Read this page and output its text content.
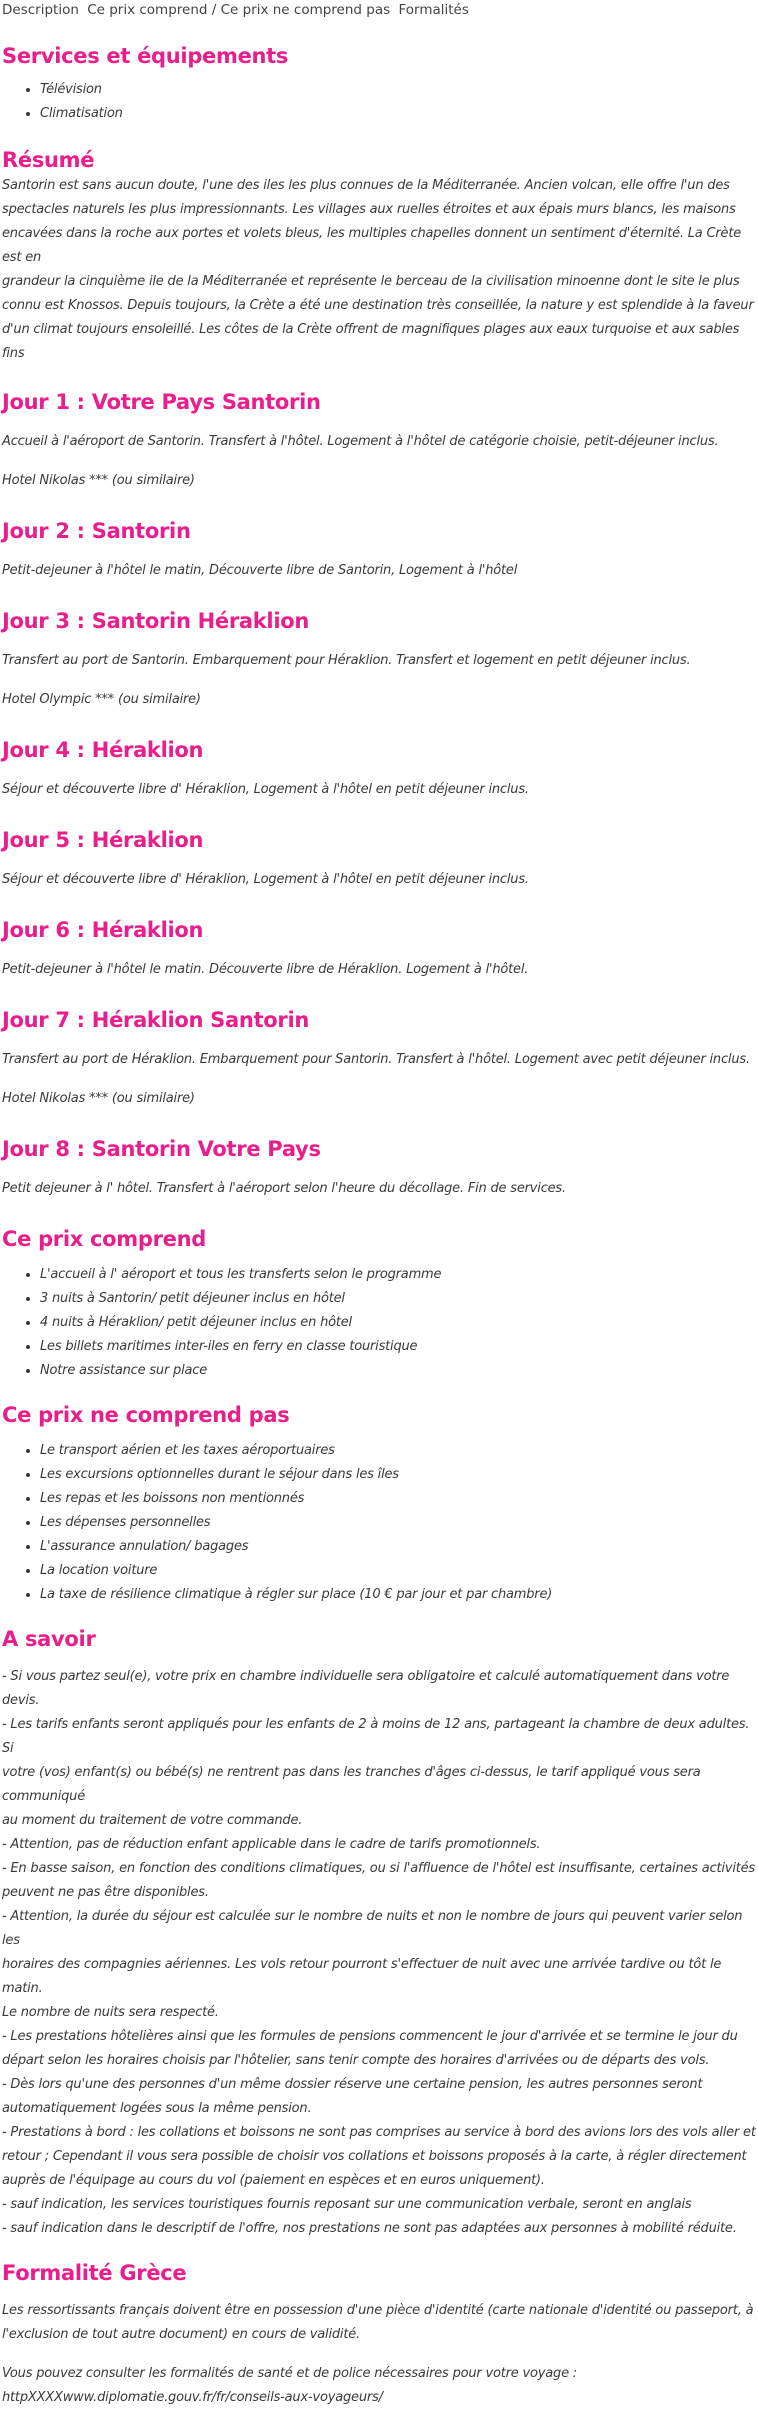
Description Ce prix comprend / Ce prix ne comprend pas Formalités
Services et équipements
• Télévision
• Climatisation
Résumé

Santorin est sans aucun doute, l'une des iles les plus connues de la Méditerranée. Ancien volcan, elle offre l'un des

spectacles naturels les plus impressionnants. Les villages aux ruelles étroites et aux épais murs blancs, les maisons

encavées dans la roche aux portes et volets bleus, les multiples chapelles donnent un sentiment d'éternité. La Crète est en

grandeur la cinquième ile de la Méditerranée et représente le berceau de la civilisation minoenne dont le site le plus

connu est Knossos. Depuis toujours, la Crète a été une destination très conseillée, la nature y est splendide à la faveur

d'un climat toujours ensoleillé. Les côtes de la Crète offrent de magnifiques plages aux eaux turquoise et aux sables fins

Jour 1 : Votre Pays Santorin

Accueil à l'aéroport de Santorin. Transfert à l'hôtel. Logement à l'hôtel de catégorie choisie, petit-déjeuner inclus.

Hotel Nikolas *** (ou similaire)

Jour 2 : Santorin

Petit-dejeuner à l'hôtel le matin, Découverte libre de Santorin, Logement à l'hôtel

Jour 3 : Santorin Héraklion

Transfert au port de Santorin. Embarquement pour Héraklion. Transfert et logement en petit déjeuner inclus.

Hotel Olympic *** (ou similaire)

Jour 4 : Héraklion

Séjour et découverte libre d' Héraklion, Logement à l'hôtel en petit déjeuner inclus.

Jour 5 : Héraklion

Séjour et découverte libre d' Héraklion, Logement à l'hôtel en petit déjeuner inclus.

Jour 6 : Héraklion

Petit-dejeuner à l'hôtel le matin. Découverte libre de Héraklion. Logement à l'hôtel.

Jour 7 : Héraklion Santorin

Transfert au port de Héraklion. Embarquement pour Santorin. Transfert à l'hôtel. Logement avec petit déjeuner inclus.

Hotel Nikolas *** (ou similaire)

Jour 8 : Santorin Votre Pays

Petit dejeuner à l' hôtel. Transfert à l'aéroport selon l'heure du décollage. Fin de services.

Ce prix comprend
• L'accueil à l' aéroport et tous les transferts selon le programme
• 3 nuits à Santorin/ petit déjeuner inclus en hôtel
• 4 nuits à Héraklion/ petit déjeuner inclus en hôtel
• Les billets maritimes inter-iles en ferry en classe touristique
• Notre assistance sur place
Ce prix ne comprend pas
• Le transport aérien et les taxes aéroportuaires
• Les excursions optionnelles durant le séjour dans les îles
• Les repas et les boissons non mentionnés
• Les dépenses personnelles
• L'assurance annulation/ bagages
• La location voiture
• La taxe de résilience climatique à régler sur place (10 € par jour et par chambre)
A savoir

- Si vous partez seul(e), votre prix en chambre individuelle sera obligatoire et calculé automatiquement dans votre devis.

- Les tarifs enfants seront appliqués pour les enfants de 2 à moins de 12 ans, partageant la chambre de deux adultes. Si

votre (vos) enfant(s) ou bébé(s) ne rentrent pas dans les tranches d'âges ci-dessus, le tarif appliqué vous sera communiqué

au moment du traitement de votre commande.

- Attention, pas de réduction enfant applicable dans le cadre de tarifs promotionnels.

- En basse saison, en fonction des conditions climatiques, ou si l'affluence de l'hôtel est insuffisante, certaines activités

peuvent ne pas être disponibles.

- Attention, la durée du séjour est calculée sur le nombre de nuits et non le nombre de jours qui peuvent varier selon les

horaires des compagnies aériennes. Les vols retour pourront s'effectuer de nuit avec une arrivée tardive ou tôt le matin.

Le nombre de nuits sera respecté.

- Les prestations hôtelières ainsi que les formules de pensions commencent le jour d'arrivée et se termine le jour du

départ selon les horaires choisis par l'hôtelier, sans tenir compte des horaires d'arrivées ou de départs des vols.

- Dès lors qu'une des personnes d'un même dossier réserve une certaine pension, les autres personnes seront

automatiquement logées sous la même pension.

- Prestations à bord : les collations et boissons ne sont pas comprises au service à bord des avions lors des vols aller et

retour ; Cependant il vous sera possible de choisir vos collations et boissons proposés à la carte, à régler directement

auprès de l'équipage au cours du vol (paiement en espèces et en euros uniquement).

- sauf indication, les services touristiques fournis reposant sur une communication verbale, seront en anglais

- sauf indication dans le descriptif de l'offre, nos prestations ne sont pas adaptées aux personnes à mobilité réduite.

Formalité Grèce

Les ressortissants français doivent être en possession d'une pièce d'identité (carte nationale d'identité ou passeport, à

l'exclusion de tout autre document) en cours de validité.

Vous pouvez consulter les formalités de santé et de police nécessaires pour votre voyage :

httpXXXXwww.diplomatie.gouv.fr/fr/conseils-aux-voyageurs/
